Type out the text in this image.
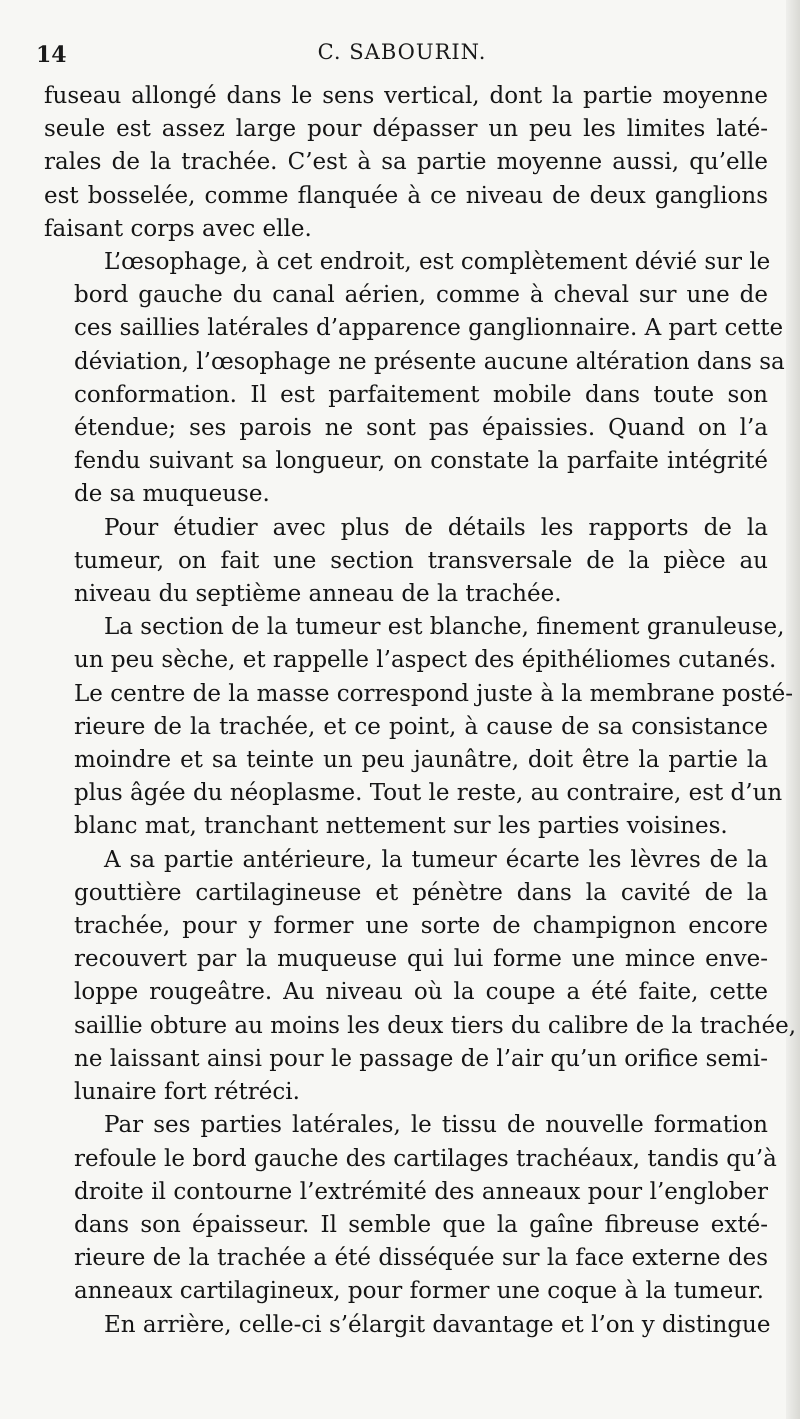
14	C. SABOURIN.

fuseau allongé dans le sens vertical, dont la partie moyenne
seule est assez large pour dépasser un peu les limites laté-
rales de la trachée. C’est à sa partie moyenne aussi, qu’elle
est bosselée, comme flanquée à ce niveau de deux ganglions
faisant corps avec elle.

L’œsophage, à cet endroit, est complètement dévié sur le
bord gauche du canal aérien, comme à cheval sur une de
ces saillies latérales d’apparence ganglionnaire. A part cette
déviation, l’œsophage ne présente aucune altération dans sa
conformation. Il est parfaitement mobile dans toute son
étendue; ses parois ne sont pas épaissies. Quand on l’a
fendu suivant sa longueur, on constate la parfaite intégrité
de sa muqueuse.

Pour étudier avec plus de détails les rapports de la
tumeur, on fait une section transversale de la pièce au
niveau du septième anneau de la trachée.

La section de la tumeur est blanche, finement granuleuse,
un peu sèche, et rappelle l’aspect des épithéliomes cutanés.
Le centre de la masse correspond juste à la membrane posté-
rieure de la trachée, et ce point, à cause de sa consistance
moindre et sa teinte un peu jaunâtre, doit être la partie la
plus âgée du néoplasme. Tout le reste, au contraire, est d’un
blanc mat, tranchant nettement sur les parties voisines.

A sa partie antérieure, la tumeur écarte les lèvres de la
gouttière cartilagineuse et pénètre dans la cavité de la
trachée, pour y former une sorte de champignon encore
recouvert par la muqueuse qui lui forme une mince enve-
loppe rougeâtre. Au niveau où la coupe a été faite, cette
saillie obture au moins les deux tiers du calibre de la trachée,
ne laissant ainsi pour le passage de l’air qu’un orifice semi-
lunaire fort rétréci.

Par ses parties latérales, le tissu de nouvelle formation
refoule le bord gauche des cartilages trachéaux, tandis qu’à
droite il contourne l’extrémité des anneaux pour l’englober
dans son épaisseur. Il semble que la gaîne fibreuse exté-
rieure de la trachée a été disséquée sur la face externe des
anneaux cartilagineux, pour former une coque à la tumeur.

En arrière, celle-ci s’élargit davantage et l’on y distingue
